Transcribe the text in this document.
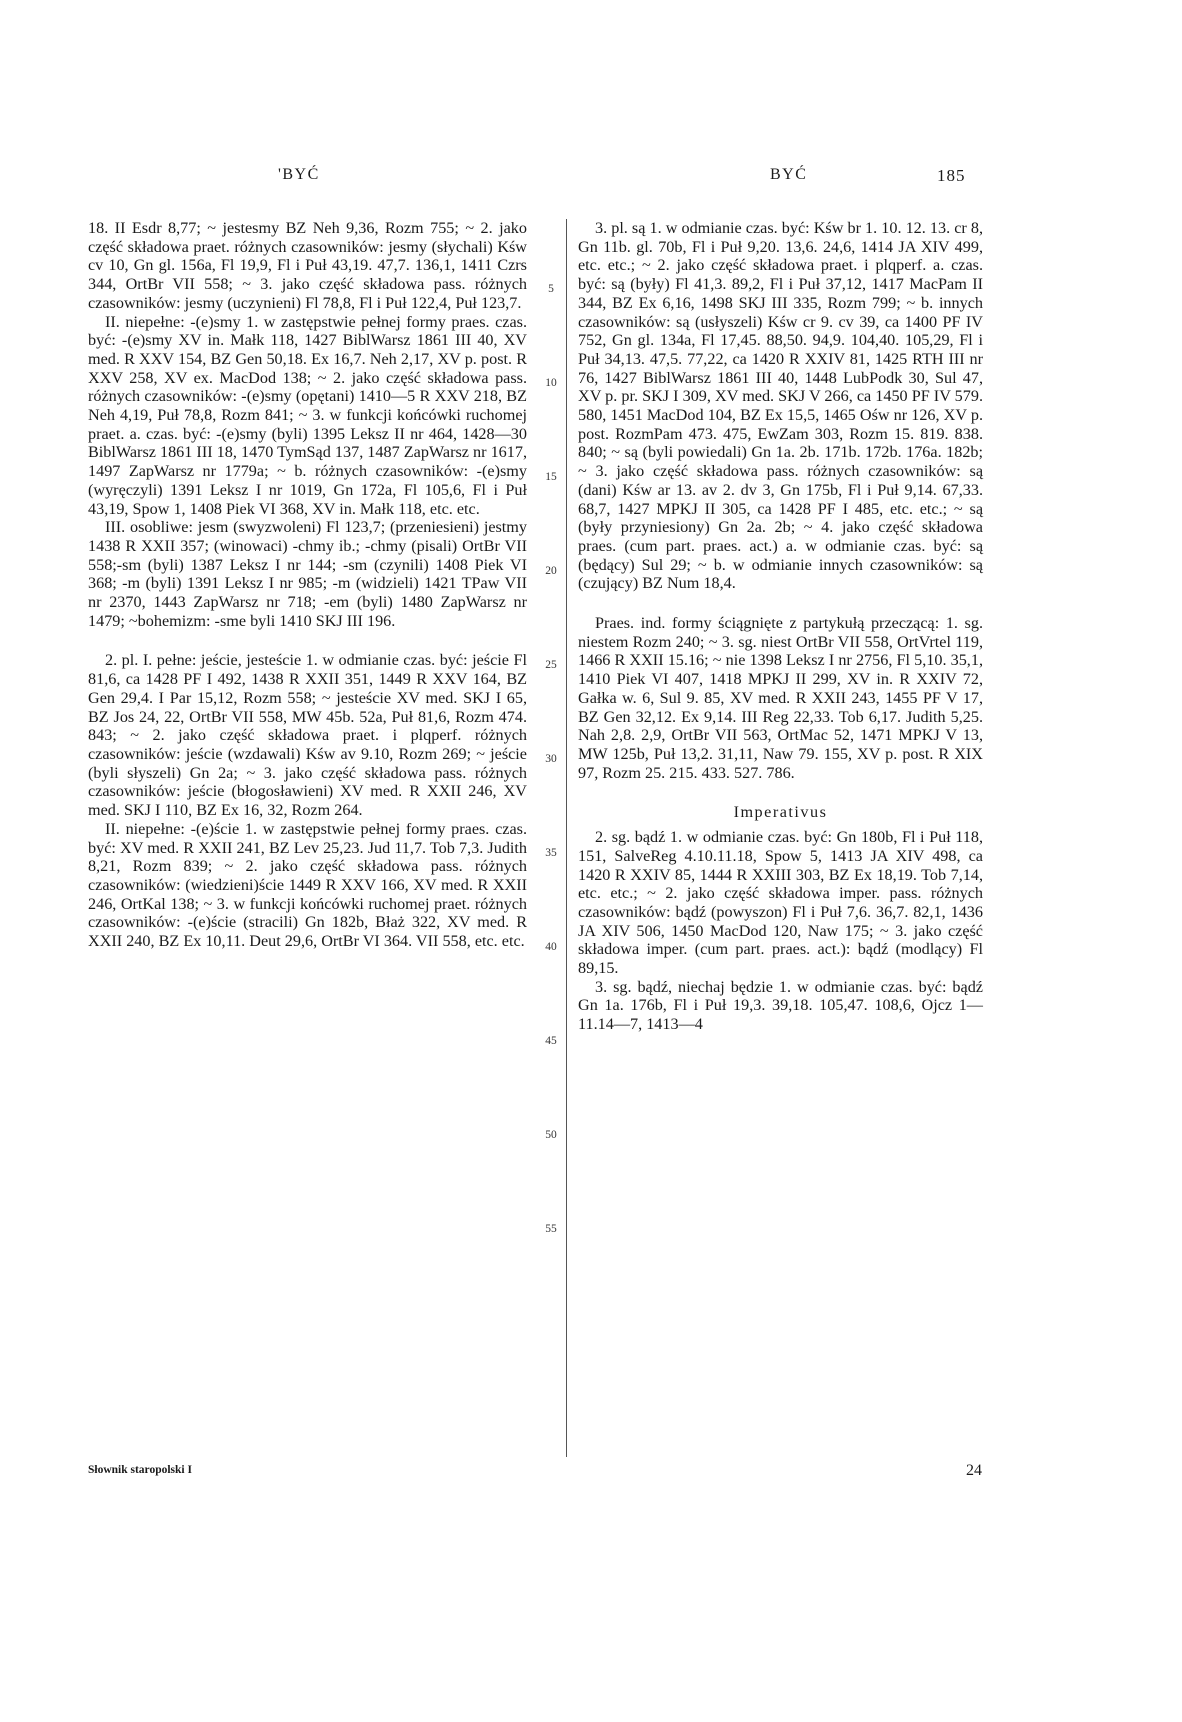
'BYĆ	BYĆ	185

18. II Esdr 8,77; ~ jestesmy BZ Neh 9,36, Rozm 755; ~ 2. jako część składowa praet. różnych czasowników: jesmy (słychali) Kśw cv 10, Gn gl. 156a, Fl 19,9, Fl i Puł 43,19. 47,7. 136,1, 1411 Czrs 344, OrtBr VII 558; ~ 3. jako część składowa pass. różnych czasowników: jesmy (uczynieni) Fl 78,8, Fl i Puł 122,4, Puł 123,7.

II. niepełne: -(e)smy 1. w zastępstwie pełnej formy praes. czas. być: -(e)smy XV in. Małk 118, 1427 BiblWarsz 1861 III 40, XV med. R XXV 154, BZ Gen 50,18. Ex 16,7. Neh 2,17, XV p. post. R XXV 258, XV ex. MacDod 138; ~ 2. jako część składowa pass. różnych czasowników: -(e)smy (opętani) 1410—5 R XXV 218, BZ Neh 4,19, Puł 78,8, Rozm 841; ~ 3. w funkcji końcówki ruchomej praet. a. czas. być: -(e)smy (byli) 1395 Leksz II nr 464, 1428—30 BiblWarsz 1861 III 18, 1470 TymSąd 137, 1487 ZapWarsz nr 1617, 1497 ZapWarsz nr 1779a; ~ b. różnych czasowników: -(e)smy (wyręczyli) 1391 Leksz I nr 1019, Gn 172a, Fl 105,6, Fl i Puł 43,19, Spow 1, 1408 Piek VI 368, XV in. Małk 118, etc. etc.

III. osobliwe: jesm (swyzwoleni) Fl 123,7; (przeniesieni) jestmy 1438 R XXII 357; (winowaci) -chmy ib.; -chmy (pisali) OrtBr VII 558;-sm (byli) 1387 Leksz I nr 144; -sm (czynili) 1408 Piek VI 368; -m (byli) 1391 Leksz I nr 985; -m (widzieli) 1421 TPaw VII nr 2370, 1443 ZapWarsz nr 718; -em (byli) 1480 ZapWarsz nr 1479; ~bohemizm: -sme byli 1410 SKJ III 196.

2. pl. I. pełne: jeście, jesteście 1. w odmianie czas. być: jeście Fl 81,6, ca 1428 PF I 492, 1438 R XXII 351, 1449 R XXV 164, BZ Gen 29,4. I Par 15,12, Rozm 558; ~ jesteście XV med. SKJ I 65, BZ Jos 24, 22, OrtBr VII 558, MW 45b. 52a, Puł 81,6, Rozm 474. 843; ~ 2. jako część składowa praet. i plqperf. różnych czasowników: jeście (wzdawali) Kśw av 9.10, Rozm 269; ~ jeście (byli słyszeli) Gn 2a; ~ 3. jako część składowa pass. różnych czasowników: jeście (błogosławieni) XV med. R XXII 246, XV med. SKJ I 110, BZ Ex 16, 32, Rozm 264.

II. niepełne: -(e)ście 1. w zastępstwie pełnej formy praes. czas. być: XV med. R XXII 241, BZ Lev 25,23. Jud 11,7. Tob 7,3. Judith 8,21, Rozm 839; ~ 2. jako część składowa pass. różnych czasowników: (wiedzieni)ście 1449 R XXV 166, XV med. R XXII 246, OrtKal 138; ~ 3. w funkcji końcówki ruchomej praet. różnych czasowników: -(e)ście (stracili) Gn 182b, Błaż 322, XV med. R XXII 240, BZ Ex 10,11. Deut 29,6, OrtBr VI 364. VII 558, etc. etc.

5
10
15
20
25
30
35
40
45
50
55

3. pl. są 1. w odmianie czas. być: Kśw br 1. 10. 12. 13. cr 8, Gn 11b. gl. 70b, Fl i Puł 9,20. 13,6. 24,6, 1414 JA XIV 499, etc. etc.; ~ 2. jako część składowa praet. i plqperf. a. czas. być: są (były) Fl 41,3. 89,2, Fl i Puł 37,12, 1417 MacPam II 344, BZ Ex 6,16, 1498 SKJ III 335, Rozm 799; ~ b. innych czasowników: są (usłyszeli) Kśw cr 9. cv 39, ca 1400 PF IV 752, Gn gl. 134a, Fl 17,45. 88,50. 94,9. 104,40. 105,29, Fl i Puł 34,13. 47,5. 77,22, ca 1420 R XXIV 81, 1425 RTH III nr 76, 1427 BiblWarsz 1861 III 40, 1448 LubPodk 30, Sul 47, XV p. pr. SKJ I 309, XV med. SKJ V 266, ca 1450 PF IV 579. 580, 1451 MacDod 104, BZ Ex 15,5, 1465 Ośw nr 126, XV p. post. RozmPam 473. 475, EwZam 303, Rozm 15. 819. 838. 840; ~ są (byli powiedali) Gn 1a. 2b. 171b. 172b. 176a. 182b; ~ 3. jako część składowa pass. różnych czasowników: są (dani) Kśw ar 13. av 2. dv 3, Gn 175b, Fl i Puł 9,14. 67,33. 68,7, 1427 MPKJ II 305, ca 1428 PF I 485, etc. etc.; ~ są (były przyniesiony) Gn 2a. 2b; ~ 4. jako część składowa praes. (cum part. praes. act.) a. w odmianie czas. być: są (będący) Sul 29; ~ b. w odmianie innych czasowników: są (czujący) BZ Num 18,4.

Praes. ind. formy ściągnięte z partykułą przeczącą: 1. sg. niestem Rozm 240; ~ 3. sg. niest OrtBr VII 558, OrtVrtel 119, 1466 R XXII 15.16; ~ nie 1398 Leksz I nr 2756, Fl 5,10. 35,1, 1410 Piek VI 407, 1418 MPKJ II 299, XV in. R XXIV 72, Gałka w. 6, Sul 9. 85, XV med. R XXII 243, 1455 PF V 17, BZ Gen 32,12. Ex 9,14. III Reg 22,33. Tob 6,17. Judith 5,25. Nah 2,8. 2,9, OrtBr VII 563, OrtMac 52, 1471 MPKJ V 13, MW 125b, Puł 13,2. 31,11, Naw 79. 155, XV p. post. R XIX 97, Rozm 25. 215. 433. 527. 786.

Imperativus

2. sg. bądź 1. w odmianie czas. być: Gn 180b, Fl i Puł 118, 151, SalveReg 4.10.11.18, Spow 5, 1413 JA XIV 498, ca 1420 R XXIV 85, 1444 R XXIII 303, BZ Ex 18,19. Tob 7,14, etc. etc.; ~ 2. jako część składowa imper. pass. różnych czasowników: bądź (powyszon) Fl i Puł 7,6. 36,7. 82,1, 1436 JA XIV 506, 1450 MacDod 120, Naw 175; ~ 3. jako część składowa imper. (cum part. praes. act.): bądź (modlący) Fl 89,15.

3. sg. bądź, niechaj będzie 1. w odmianie czas. być: bądź Gn 1a. 176b, Fl i Puł 19,3. 39,18. 105,47. 108,6, Ojcz 1—11.14—7, 1413—4

Słownik staropolski I	24
